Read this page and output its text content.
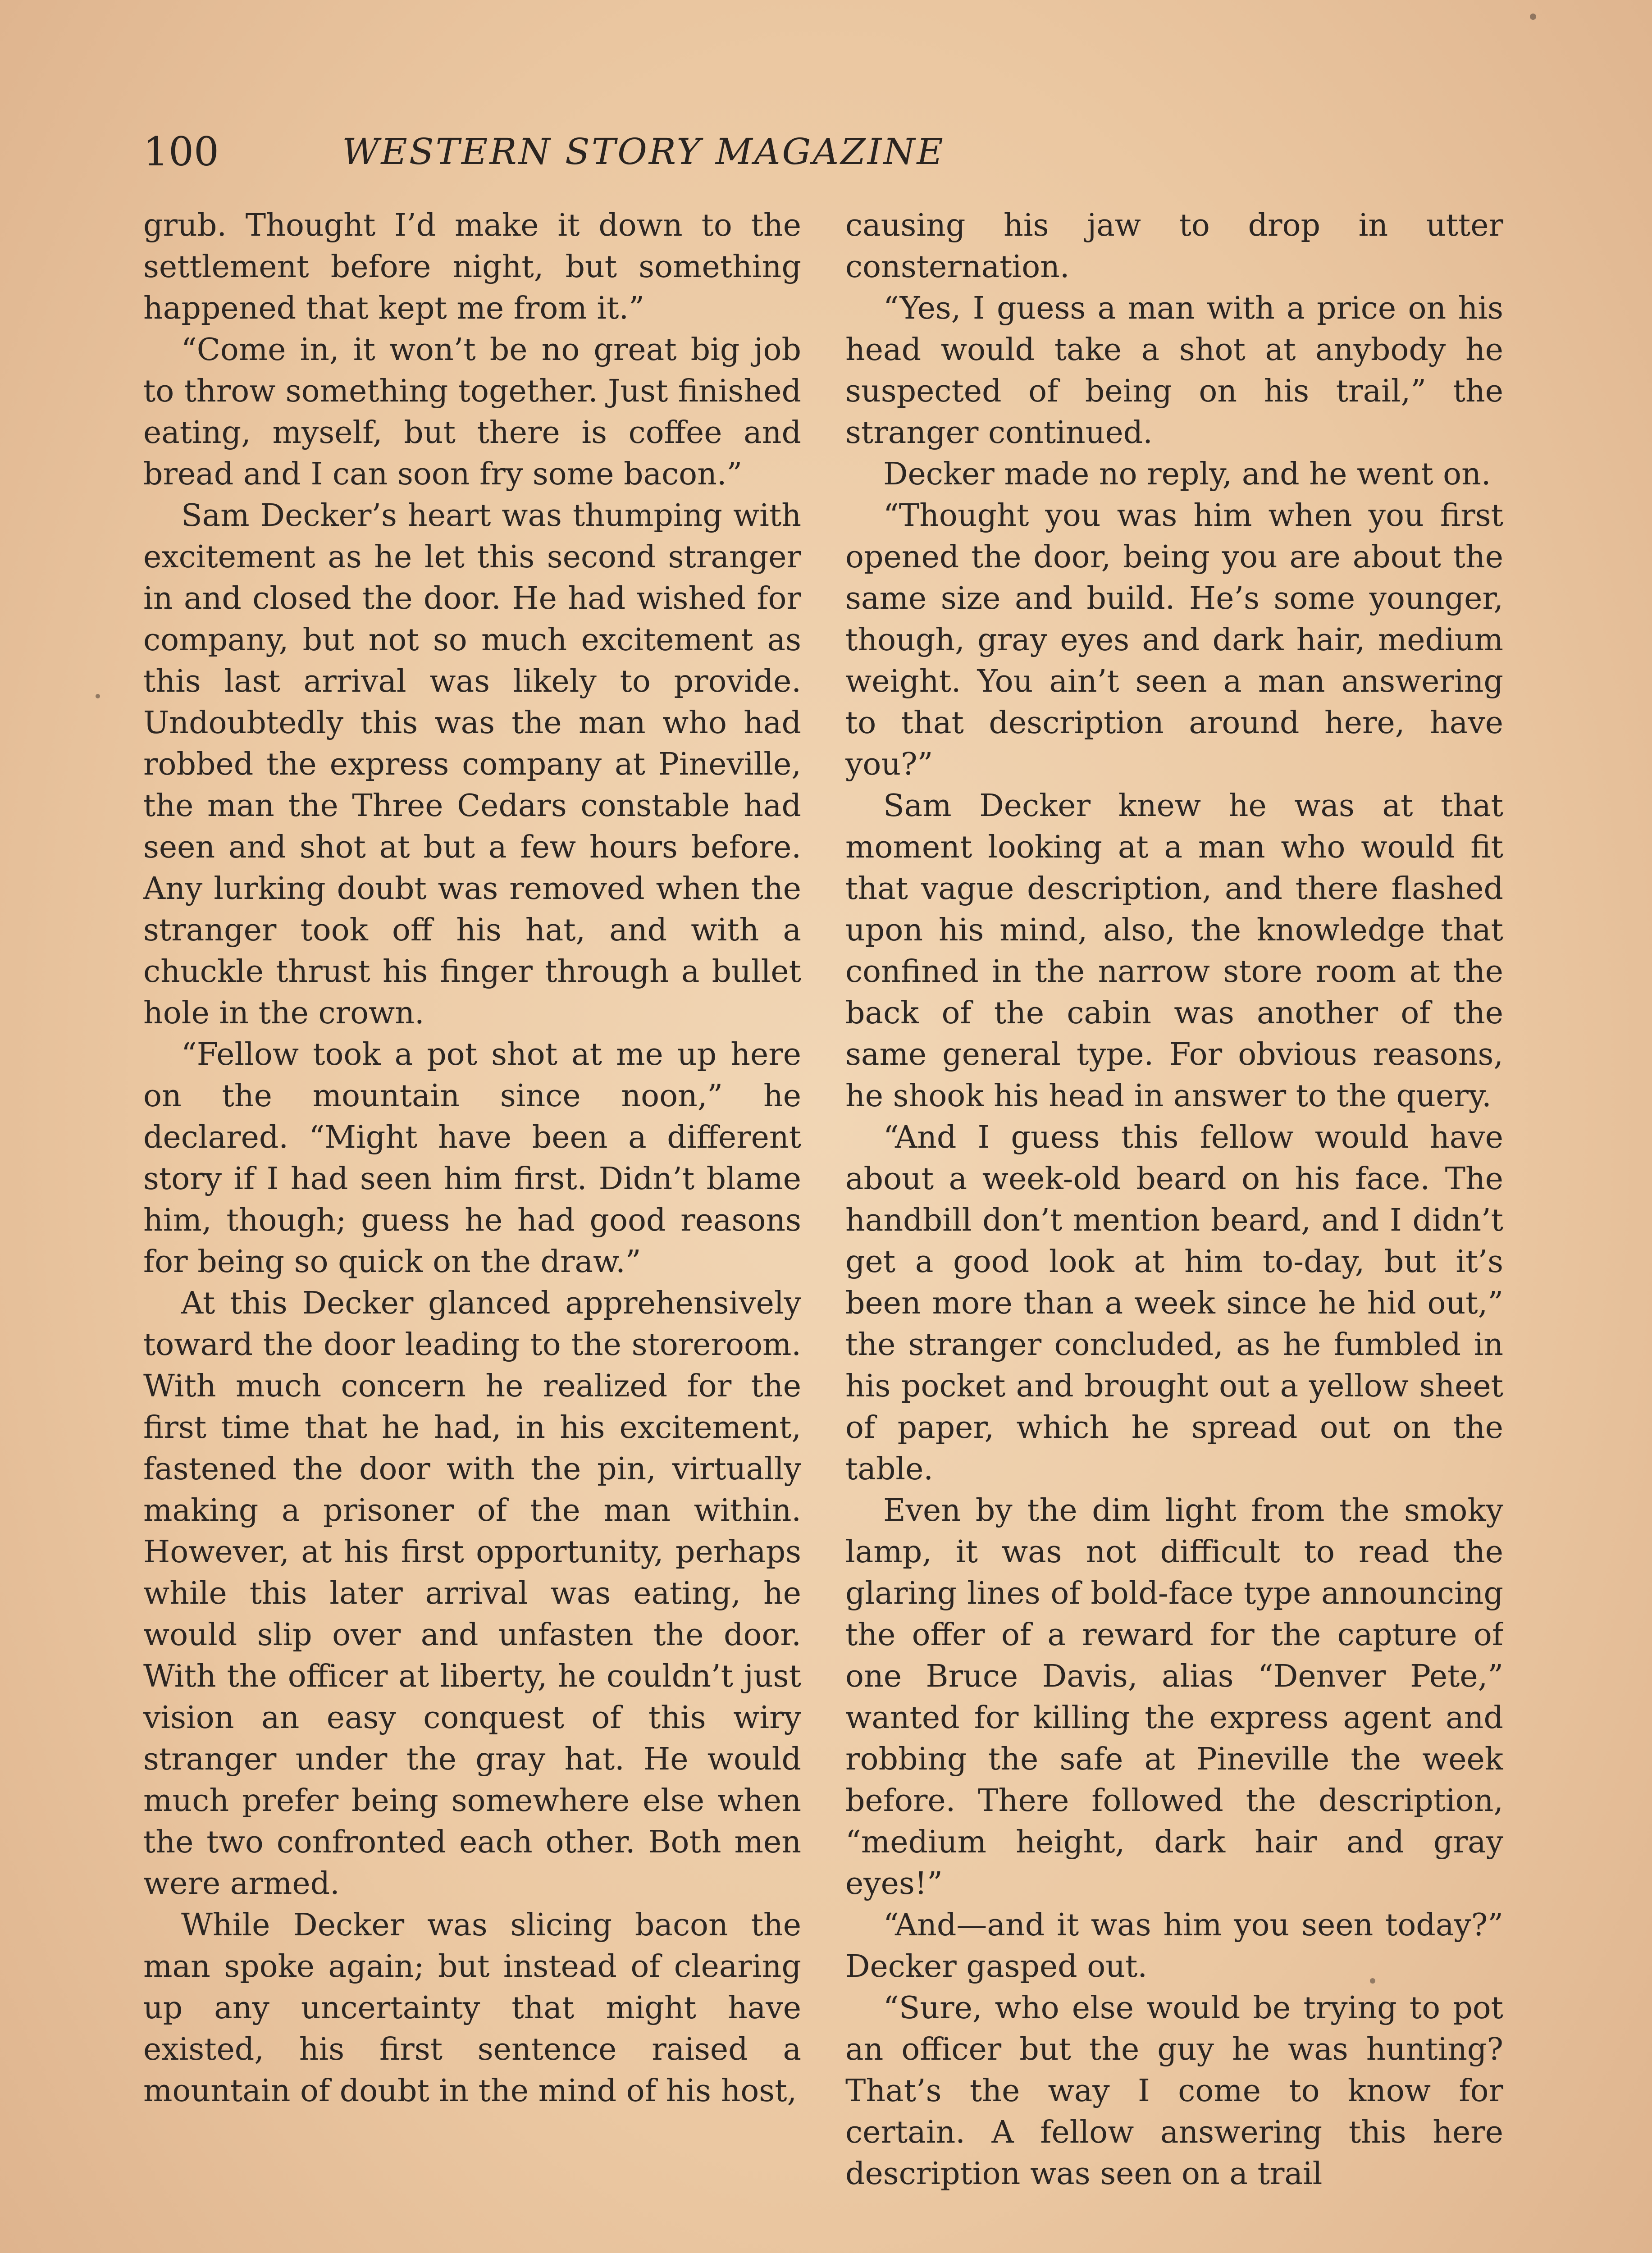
100	WESTERN STORY MAGAZINE

grub. Thought I’d make it down to the settlement before night, but something happened that kept me from it.”

“Come in, it won’t be no great big job to throw something together. Just finished eating, myself, but there is coffee and bread and I can soon fry some bacon.”

Sam Decker’s heart was thumping with excitement as he let this second stranger in and closed the door. He had wished for company, but not so much excitement as this last arrival was likely to provide. Undoubtedly this was the man who had robbed the express company at Pineville, the man the Three Cedars constable had seen and shot at but a few hours before. Any lurking doubt was removed when the stranger took off his hat, and with a chuckle thrust his finger through a bullet hole in the crown.

“Fellow took a pot shot at me up here on the mountain since noon,” he declared. “Might have been a different story if I had seen him first. Didn’t blame him, though; guess he had good reasons for being so quick on the draw.”

At this Decker glanced apprehensively toward the door leading to the storeroom. With much concern he realized for the first time that he had, in his excitement, fastened the door with the pin, virtually making a prisoner of the man within. However, at his first opportunity, perhaps while this later arrival was eating, he would slip over and unfasten the door. With the officer at liberty, he couldn’t just vision an easy conquest of this wiry stranger under the gray hat. He would much prefer being somewhere else when the two confronted each other. Both men were armed.

While Decker was slicing bacon the man spoke again; but instead of clearing up any uncertainty that might have existed, his first sentence raised a mountain of doubt in the mind of his host,

causing his jaw to drop in utter consternation.

“Yes, I guess a man with a price on his head would take a shot at anybody he suspected of being on his trail,” the stranger continued.

Decker made no reply, and he went on.

“Thought you was him when you first opened the door, being you are about the same size and build. He’s some younger, though, gray eyes and dark hair, medium weight. You ain’t seen a man answering to that description around here, have you?”

Sam Decker knew he was at that moment looking at a man who would fit that vague description, and there flashed upon his mind, also, the knowledge that confined in the narrow store room at the back of the cabin was another of the same general type. For obvious reasons, he shook his head in answer to the query.

“And I guess this fellow would have about a week-old beard on his face. The handbill don’t mention beard, and I didn’t get a good look at him to-day, but it’s been more than a week since he hid out,” the stranger concluded, as he fumbled in his pocket and brought out a yellow sheet of paper, which he spread out on the table.

Even by the dim light from the smoky lamp, it was not difficult to read the glaring lines of bold-face type announcing the offer of a reward for the capture of one Bruce Davis, alias “Denver Pete,” wanted for killing the express agent and robbing the safe at Pineville the week before. There followed the description, “medium height, dark hair and gray eyes!”

“And—and it was him you seen today?” Decker gasped out.

“Sure, who else would be trying to pot an officer but the guy he was hunting? That’s the way I come to know for certain. A fellow answering this here description was seen on a trail
